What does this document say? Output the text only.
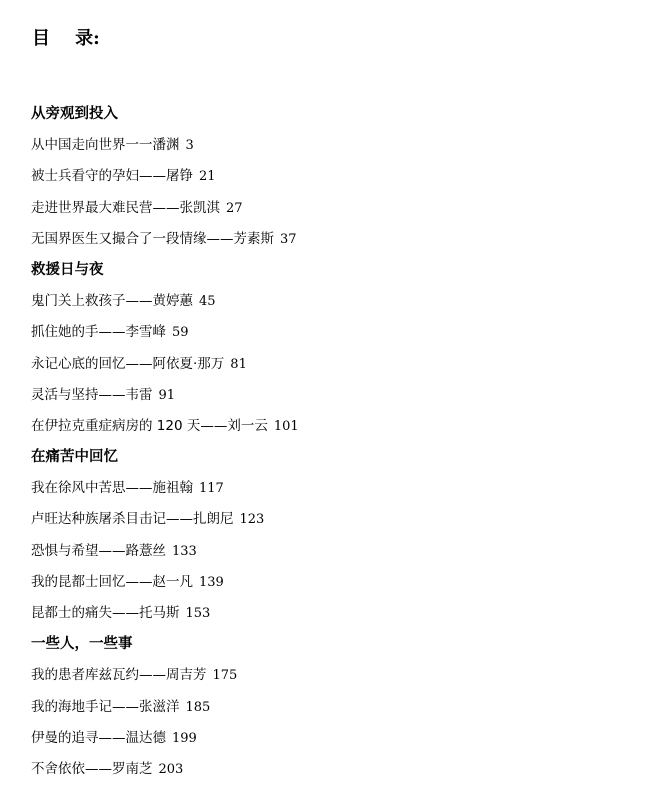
目    录:
从旁观到投入
从中国走向世界一一潘渊 3
被士兵看守的孕妇——屠铮 21
走进世界最大难民营——张凯淇 27
无国界医生又撮合了一段情缘——芳素斯 37
救援日与夜
鬼门关上救孩子——黄婷蕙 45
抓住她的手——李雪峰 59
永记心底的回忆——阿依夏·那万 81
灵活与坚持——韦雷 91
在伊拉克重症病房的 120 天——刘一云 101
在痛苦中回忆
我在徐风中苦思——施祖翰 117
卢旺达种族屠杀目击记——扎朗尼 123
恐惧与希望——路薏丝 133
我的昆都士回忆——赵一凡 139
昆都士的痛失——托马斯 153
一些人，一些事
我的患者库兹瓦约——周吉芳 175
我的海地手记——张滋洋 185
伊曼的追寻——温达德 199
不舍依依——罗南芝 203
